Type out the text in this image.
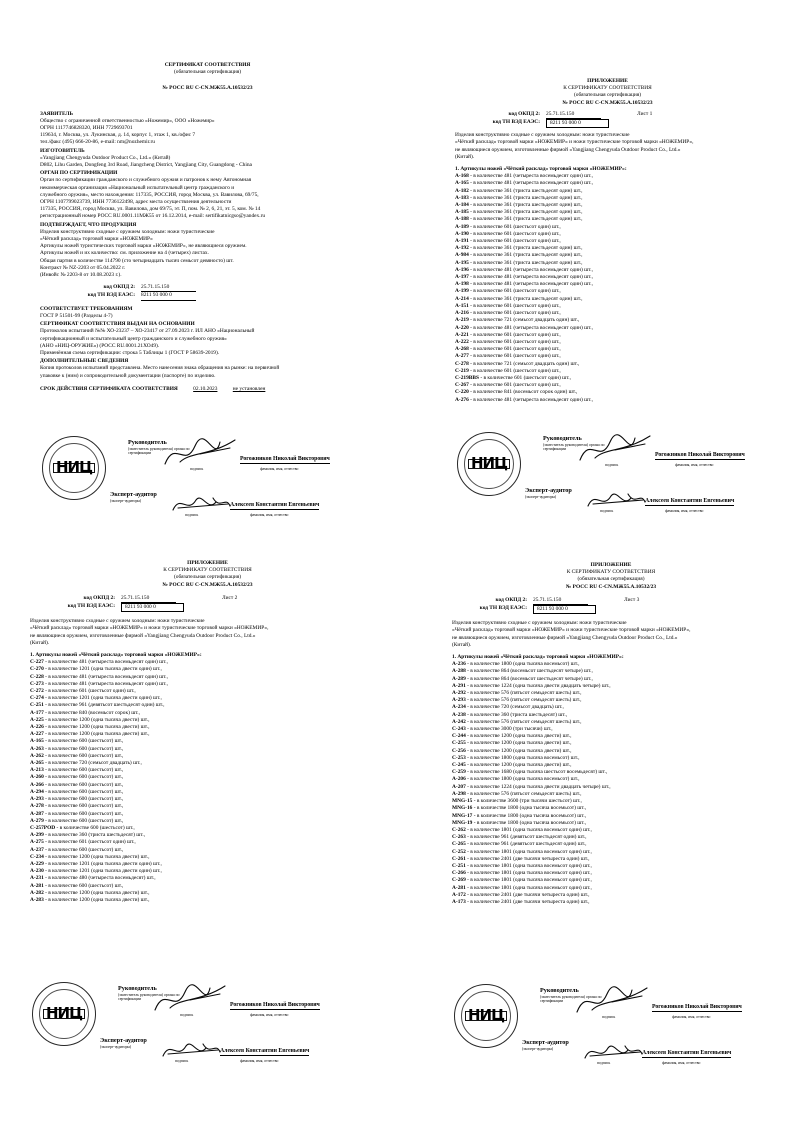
СЕРТИФИКАТ СООТВЕТСТВИЯ
(обязательная сертификация)
№ РОСС RU С-CN.МЖ55.А.10532/23
ЗАЯВИТЕЛЬ
Общество с ограниченной ответственностью «Ножемир», ООО «Ножемир»
ОГРН 1117746828320, ИНН 7729693701
119634, г. Москва, ул. Лукинская, д. 14, корпус 1, этаж 1, кв./офис 7
тел./факс (495) 666-20-86, e-mail: nm@nozhemir.ru
ИЗГОТОВИТЕЛЬ
«Yangjiang Chengyuda Outdoor Product Co., Ltd.» (Китай)
D802, Lihu Garden, Dongfeng 3rd Road, Jiangcheng District, Yangjiang City, Guangdong - China
ОРГАН ПО СЕРТИФИКАЦИИ
Орган по сертификации гражданского и служебного оружия и патронов к нему Автономная
некоммерческая организация «Национальный испытательный центр гражданского и
служебного оружия», место нахождения: 117335, РОССИЯ, город Москва, ул. Вавилова, 69/75,
ОГРН 1107799023739, ИНН 7736122498, адрес места осуществления деятельности
117335, РОССИЯ, город Москва, ул. Вавилова, дом 69/75, эт. П, пом. № 2, 6, 21, эт. 5, ком. № 14
регистрационный номер РОСС RU.0001.11МЖ55 от 16.12.2014, e-mail: sertifikatnicgso@yandex.ru
ПОДТВЕРЖДАЕТ, ЧТО ПРОДУКЦИЯ
Изделия конструктивно сходные с оружием холодным: ножи туристические
«Чёткий расклад» торговой марки «НОЖЕМИР»
Артикулы ножей туристических торговой марки «НОЖЕМИР», не являющиеся оружием.
Артикулы ножей и их количество: см. приложение на 4 (четырех) листах.
Общая партия в количестве 114790 (сто четырнадцать тысяч семьсот девяносто) шт.
Контракт № NZ-2203 от 05.04.2022 г.
(Инвойс № 2203-8 от 10.08.2023 г.).
код ОКПД 2: 25.71.15.150
код ТН ВЭД ЕАЭС: 8211 93 000 0
СООТВЕТСТВУЕТ ТРЕБОВАНИЯМ
ГОСТ Р 51501-99 (Разделы 4-7)
СЕРТИФИКАТ СООТВЕТСТВИЯ ВЫДАН НА ОСНОВАНИИ
Протоколов испытаний №№ ХО-23237 – ХО-23417 от 27.09.2023 г. ИЛ АНО «Национальный
сертификационный и испытательный центр гражданского и служебного оружия»
(АНО «НИЦ-ОРУЖИЕ») (РОСС RU.0001.21ХО49).
Применённая схема сертификации: строка 5 Таблицы 1 (ГОСТ Р 58639-2019).
ДОПОЛНИТЕЛЬНЫЕ СВЕДЕНИЯ
Копия протоколов испытаний представлена. Место нанесения знака обращения на рынке: на первичной
упаковке к (ним) и сопроводительной документации (паспорте) по изделию.
СРОК ДЕЙСТВИЯ СЕРТИФИКАТА СООТВЕТСТВИЯ	02.10.2023	не установлен
НИЦ
Руководитель
(заместитель руководителя) органа по сертификации
Рогожников Николай Викторович
фамилия, имя, отчество
подпись
Эксперт-аудитор
(эксперт-аудиторы)
Алексеев Константин Евгеньевич
фамилия, имя, отчество
подпись
ПРИЛОЖЕНИЕ
К СЕРТИФИКАТУ СООТВЕТСТВИЯ
(обязательная сертификация)
№ РОСС RU С-CN.МЖ55.А.10532/23
код ОКПД 2: 25.71.15.150	Лист 1
код ТН ВЭД ЕАЭС:	8211 93 000 0
Изделия конструктивно сходные с оружием холодным: ножи туристические
«Чёткий расклад» торговой марки «НОЖЕМИР» и ножи туристические торговой марки «НОЖЕМИР»,
не являющиеся оружием, изготовленные фирмой «Yangjiang Chengyuda Outdoor Product Co., Ltd.»
(Китай).
1. Артикулы ножей «Чёткий расклад» торговой марки «НОЖЕМИР»:
A-168 - в количестве 481 (четыреста восемьдесят один) шт.,
A-165 - в количестве 481 (четыреста восемьдесят один) шт.,
A-182 - в количестве 361 (триста шестьдесят один) шт.,
A-183 - в количестве 361 (триста шестьдесят один) шт.,
A-184 - в количестве 361 (триста шестьдесят один) шт.,
A-185 - в количестве 361 (триста шестьдесят один) шт.,
A-188 - в количестве 361 (триста шестьдесят один) шт.,
A-189 - в количестве 601 (шестьсот один) шт.,
A-190 - в количестве 601 (шестьсот один) шт.,
A-191 - в количестве 601 (шестьсот один) шт.,
A-192 - в количестве 361 (триста шестьдесят один) шт.,
A-984 - в количестве 361 (триста шестьдесят один) шт.,
A-195 - в количестве 361 (триста шестьдесят один) шт.,
A-196 - в количестве 481 (четыреста восемьдесят один) шт.,
A-197 - в количестве 481 (четыреста восемьдесят один) шт.,
A-198 - в количестве 481 (четыреста восемьдесят один) шт.,
A-199 - в количестве 601 (шестьсот один) шт.,
A-214 - в количестве 361 (триста шестьдесят один) шт.,
A-151 - в количестве 601 (шестьсот один) шт.,
A-216 - в количестве 601 (шестьсот один) шт.,
A-219 - в количестве 721 (семьсот двадцать один) шт.,
A-220 - в количестве 481 (четыреста восемьдесят один) шт.,
A-221 - в количестве 601 (шестьсот один) шт.,
A-222 - в количестве 601 (шестьсот один) шт.,
A-268 - в количестве 601 (шестьсот один) шт.,
A-277 - в количестве 601 (шестьсот один) шт.,
C-278 - в количестве 721 (семьсот двадцать один) шт.,
C-219 - в количестве 601 (шестьсот один) шт.,
C-219BBS - в количестве 601 (шестьсот один) шт.,
C-267 - в количестве 601 (шестьсот один) шт.,
C-220 - в количестве 841 (восемьсот сорок один) шт.,
A-276 - в количестве 481 (четыреста восемьдесят один) шт.,
НИЦ
Руководитель
(заместитель руководителя) органа по сертификации
Рогожников Николай Викторович
фамилия, имя, отчество
подпись
Эксперт-аудитор
(эксперт-аудиторы)
Алексеев Константин Евгеньевич
фамилия, имя, отчество
подпись
ПРИЛОЖЕНИЕ
К СЕРТИФИКАТУ СООТВЕТСТВИЯ
(обязательная сертификация)
№ РОСС RU С-CN.МЖ55.А.10532/23
код ОКПД 2: 25.71.15.150	Лист 2
код ТН ВЭД ЕАЭС:	8211 93 000 0
Изделия конструктивно сходные с оружием холодным: ножи туристические
«Чёткий расклад» торговой марки «НОЖЕМИР» и ножи туристические торговой марки «НОЖЕМИР»,
не являющиеся оружием, изготовленные фирмой «Yangjiang Chengyuda Outdoor Product Co., Ltd.»
(Китай).
1. Артикулы ножей «Чёткий расклад» торговой марки «НОЖЕМИР»:
C-227 - в количестве 481 (четыреста восемьдесят один) шт.,
C-270 - в количестве 1201 (одна тысяча двести один) шт.,
C-228 - в количестве 481 (четыреста восемьдесят один) шт.,
C-273 - в количестве 481 (четыреста восемьдесят один) шт.,
C-272 - в количестве 601 (шестьсот один) шт.,
C-274 - в количестве 1201 (одна тысяча двести один) шт.,
C-251 - в количестве 961 (девятьсот шестьдесят один) шт.,
A-177 - в количестве 840 (восемьсот сорок) шт.,
A-225 - в количестве 1200 (одна тысяча двести) шт.,
A-226 - в количестве 1200 (одна тысяча двести) шт.,
A-227 - в количестве 1200 (одна тысяча двести) шт.,
A-165 - в количестве 600 (шестьсот) шт.,
A-263 - в количестве 600 (шестьсот) шт.,
A-262 - в количестве 600 (шестьсот) шт.,
A-265 - в количестве 720 (семьсот двадцать) шт.,
A-213 - в количестве 600 (шестьсот) шт.,
A-260 - в количестве 600 (шестьсот) шт.,
A-266 - в количестве 600 (шестьсот) шт.,
A-294 - в количестве 600 (шестьсот) шт.,
A-293 - в количестве 600 (шестьсот) шт.,
A-278 - в количестве 600 (шестьсот) шт.,
A-287 - в количестве 600 (шестьсот) шт.,
A-279 - в количестве 600 (шестьсот) шт.,
C-257POD - в количестве 600 (шестьсот) шт.,
A-299 - в количестве 360 (триста шестьдесят) шт.,
A-275 - в количестве 601 (шестьсот один) шт.,
A-237 - в количестве 600 (шестьсот) шт.,
C-234 - в количестве 1200 (одна тысяча двести) шт.,
A-229 - в количестве 1201 (одна тысяча двести один) шт.,
A-230 - в количестве 1201 (одна тысяча двести один) шт.,
A-231 - в количестве 480 (четыреста восемьдесят) шт.,
A-281 - в количестве 600 (шестьсот) шт.,
A-282 - в количестве 1200 (одна тысяча двести) шт.,
A-283 - в количестве 1200 (одна тысяча двести) шт.,
НИЦ
Руководитель
(заместитель руководителя) органа по сертификации
Рогожников Николай Викторович
фамилия, имя, отчество
подпись
Эксперт-аудитор
(эксперт-аудиторы)
Алексеев Константин Евгеньевич
фамилия, имя, отчество
подпись
ПРИЛОЖЕНИЕ
К СЕРТИФИКАТУ СООТВЕТСТВИЯ
(обязательная сертификация)
№ РОСС RU С-CN.МЖ55.А.10532/23
код ОКПД 2: 25.71.15.150	Лист 3
код ТН ВЭД ЕАЭС:	8211 93 000 0
Изделия конструктивно сходные с оружием холодным: ножи туристические
«Чёткий расклад» торговой марки «НОЖЕМИР» и ножи туристические торговой марки «НОЖЕМИР»,
не являющиеся оружием, изготовленные фирмой «Yangjiang Chengyuda Outdoor Product Co., Ltd.»
(Китай).
1. Артикулы ножей «Чёткий расклад» торговой марки «НОЖЕМИР»:
A-236 - в количестве 1800 (одна тысяча восемьсот) шт.,
A-288 - в количестве 864 (восемьсот шестьдесят четыре) шт.,
A-289 - в количестве 864 (восемьсот шестьдесят четыре) шт.,
A-291 - в количестве 1224 (одна тысяча двести двадцать четыре) шт.,
A-292 - в количестве 576 (пятьсот семьдесят шесть) шт.,
A-293 - в количестве 576 (пятьсот семьдесят шесть) шт.,
A-234 - в количестве 720 (семьсот двадцать) шт.,
A-238 - в количестве 360 (триста шестьдесят) шт.,
A-242 - в количестве 576 (пятьсот семьдесят шесть) шт.,
C-243 - в количестве 3000 (три тысячи) шт.,
C-244 - в количестве 1200 (одна тысяча двести) шт.,
C-255 - в количестве 1200 (одна тысяча двести) шт.,
C-256 - в количестве 1200 (одна тысяча двести) шт.,
C-253 - в количестве 1800 (одна тысяча восемьсот) шт.,
C-245 - в количестве 1200 (одна тысяча двести) шт.,
C-259 - в количестве 1680 (одна тысяча шестьсот восемьдесят) шт.,
A-206 - в количестве 1800 (одна тысяча восемьсот) шт.,
A-207 - в количестве 1224 (одна тысяча двести двадцать четыре) шт.,
A-298 - в количестве 576 (пятьсот семьдесят шесть) шт.,
MNG-15 - в количестве 3600 (три тысячи шестьсот) шт.,
MNG-16 - в количестве 1800 (одна тысяча восемьсот) шт.,
MNG-17 - в количестве 1800 (одна тысяча восемьсот) шт.,
MNG-19 - в количестве 1800 (одна тысяча восемьсот) шт.,
C-262 - в количестве 1801 (одна тысяча восемьсот один) шт.,
C-263 - в количестве 961 (девятьсот шестьдесят один) шт.,
C-265 - в количестве 961 (девятьсот шестьдесят один) шт.,
C-252 - в количестве 1801 (одна тысяча восемьсот один) шт.,
C-261 - в количестве 2401 (две тысячи четыреста один) шт.,
C-251 - в количестве 1801 (одна тысяча восемьсот один) шт.,
C-266 - в количестве 1801 (одна тысяча восемьсот один) шт.,
C-269 - в количестве 1801 (одна тысяча восемьсот один) шт.,
A-281 - в количестве 1801 (одна тысяча восемьсот один) шт.,
A-172 - в количестве 2401 (две тысячи четыреста один) шт.,
A-173 - в количестве 2401 (две тысячи четыреста один) шт.,
НИЦ
Руководитель
(заместитель руководителя) органа по сертификации
Рогожников Николай Викторович
фамилия, имя, отчество
подпись
Эксперт-аудитор
(эксперт-аудиторы)
Алексеев Константин Евгеньевич
фамилия, имя, отчество
подпись
